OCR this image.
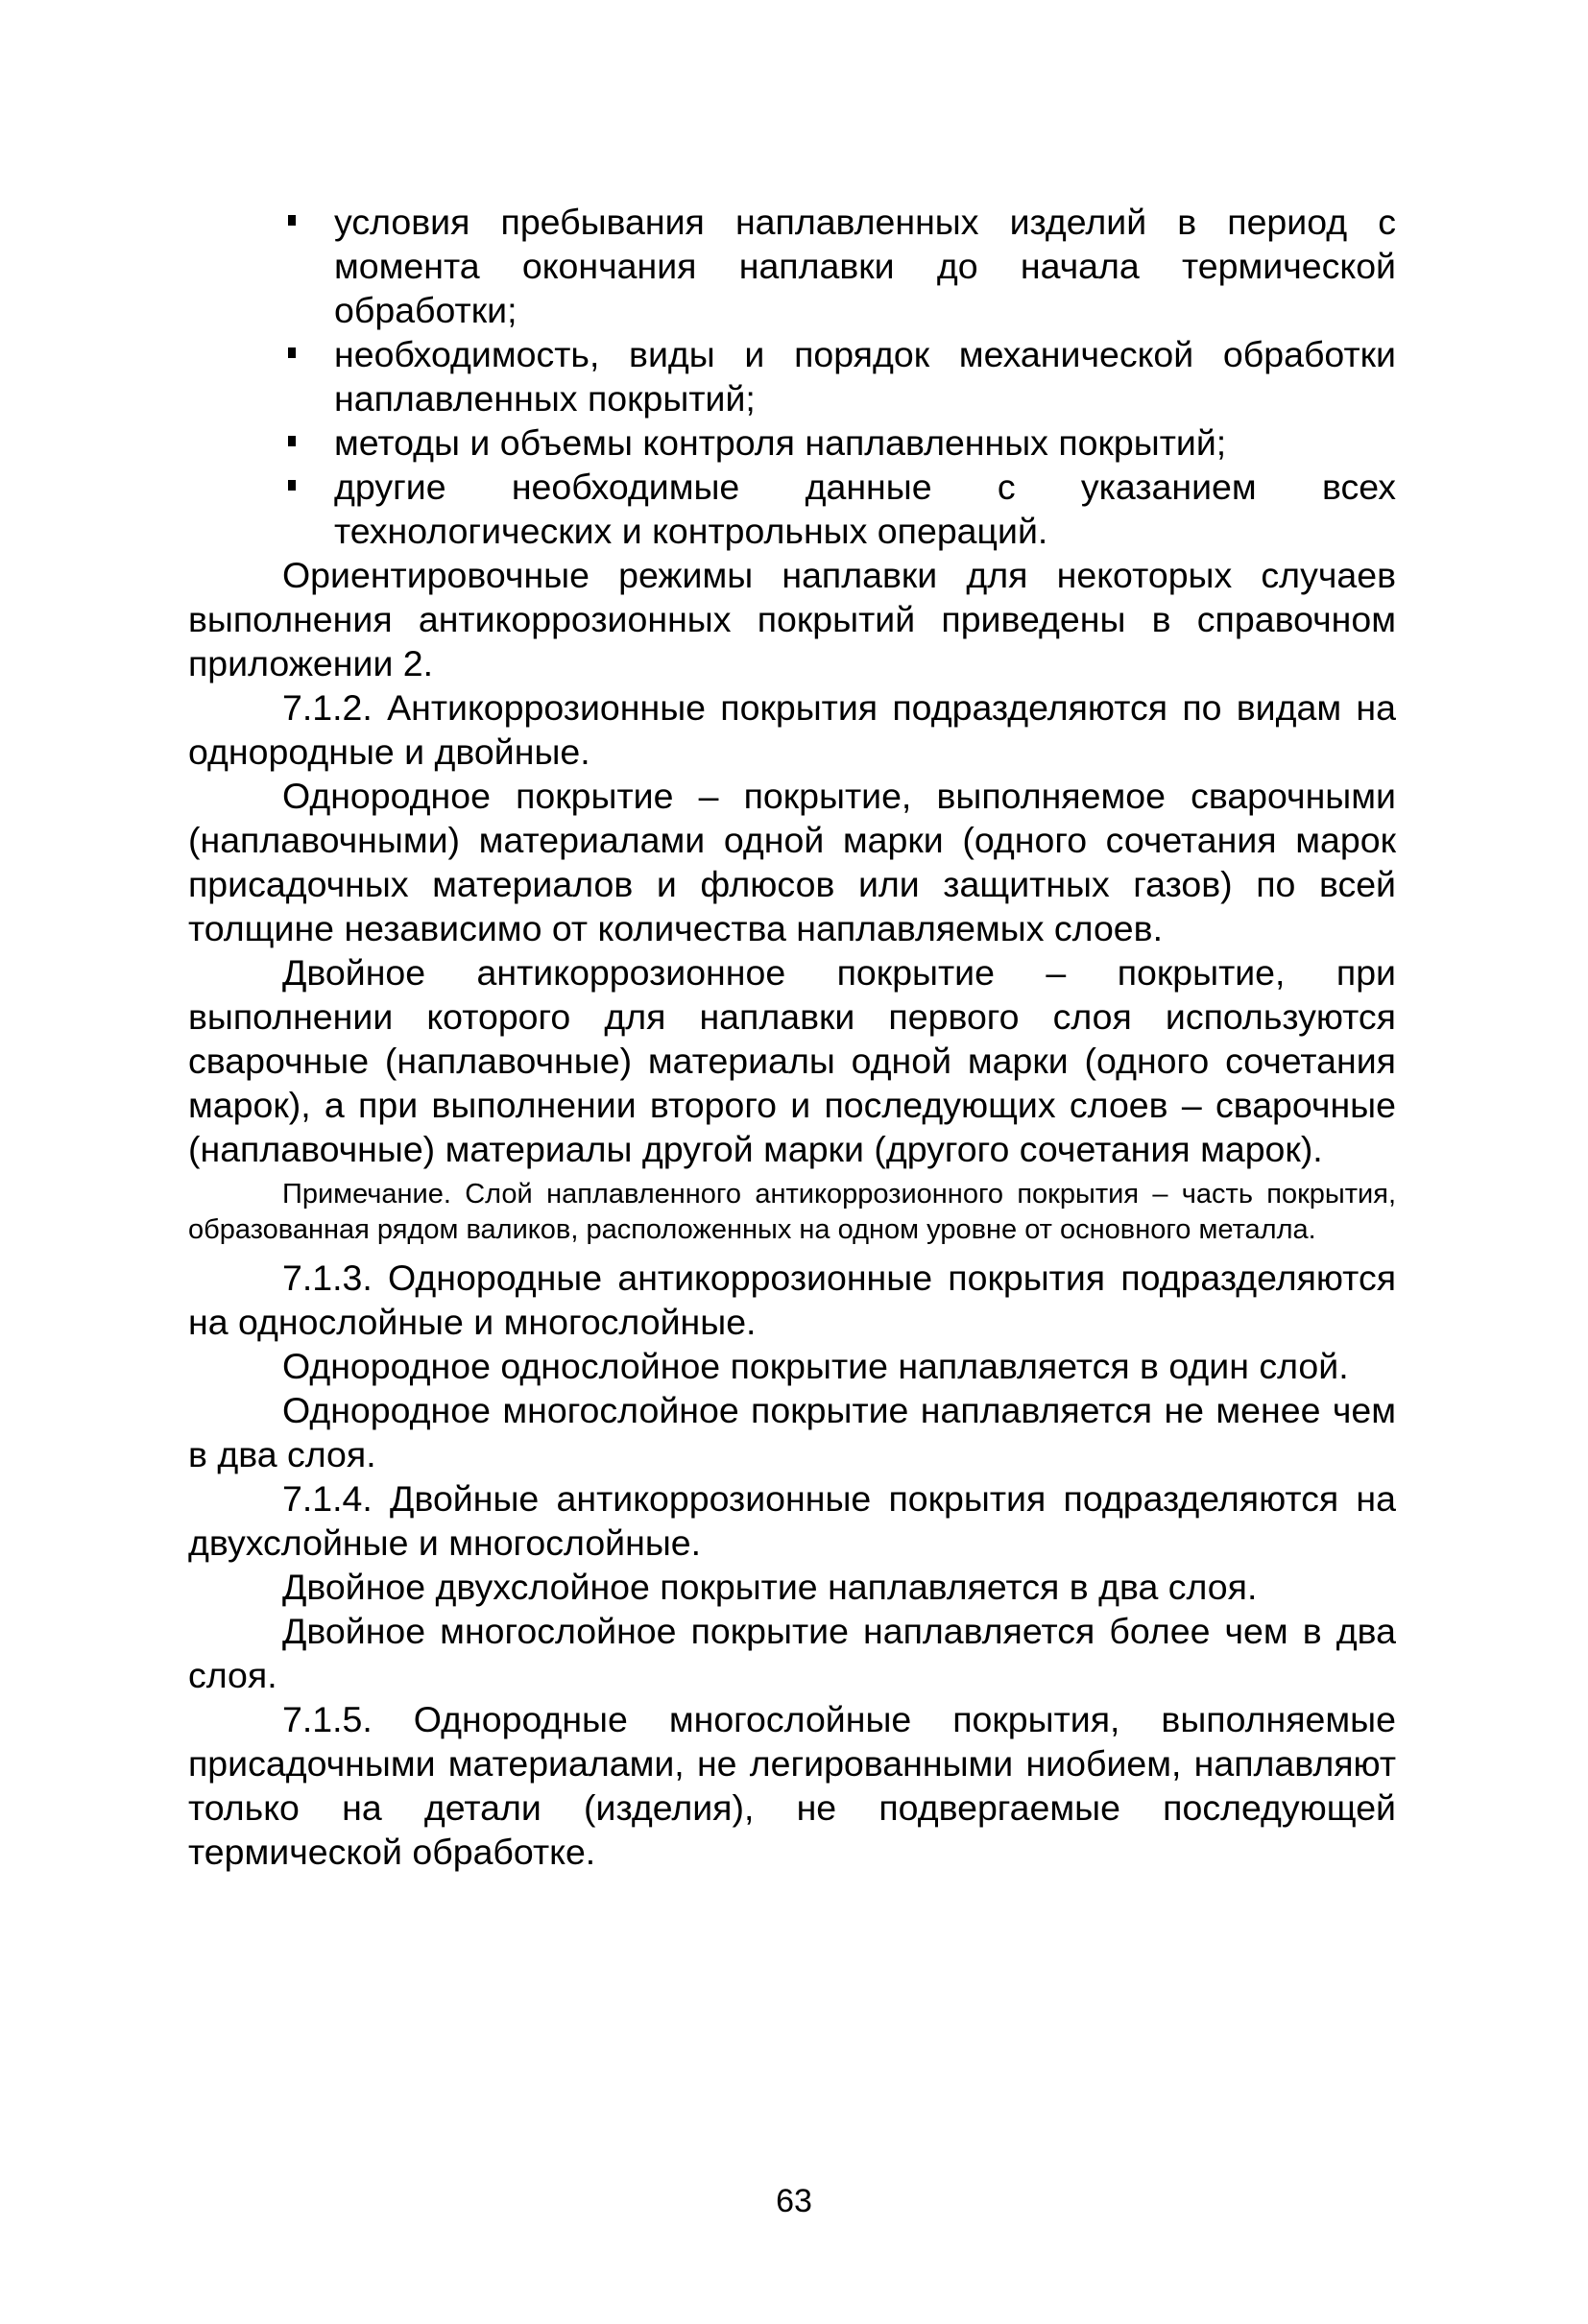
условия пребывания наплавленных изделий в период с момента окончания наплавки до начала термической обработки;
необходимость, виды и порядок механической обработки наплавленных покрытий;
методы и объемы контроля наплавленных покрытий;
другие необходимые данные с указанием всех технологических и контрольных операций.

Ориентировочные режимы наплавки для некоторых случаев выполнения антикоррозионных покрытий приведены в справочном приложении 2.

7.1.2. Антикоррозионные покрытия подразделяются по видам на однородные и двойные.

Однородное покрытие – покрытие, выполняемое сварочными (наплавочными) материалами одной марки (одного сочетания марок присадочных материалов и флюсов или защитных газов) по всей толщине независимо от количества наплавляемых слоев.

Двойное антикоррозионное покрытие – покрытие, при выполнении которого для наплавки первого слоя используются сварочные (наплавочные) материалы одной марки (одного сочетания марок), а при выполнении второго и последующих слоев – сварочные (наплавочные) материалы другой марки (другого сочетания марок).

Примечание. Слой наплавленного антикоррозионного покрытия – часть покрытия, образованная рядом валиков, расположенных на одном уровне от основного металла.

7.1.3. Однородные антикоррозионные покрытия подразделяются на однослойные и многослойные.

Однородное однослойное покрытие наплавляется в один слой.

Однородное многослойное покрытие наплавляется не менее чем в два слоя.

7.1.4. Двойные антикоррозионные покрытия подразделяются на двухслойные и многослойные.

Двойное двухслойное покрытие наплавляется в два слоя.

Двойное многослойное покрытие наплавляется более чем в два слоя.

7.1.5. Однородные многослойные покрытия, выполняемые присадочными материалами, не легированными ниобием, наплавляют только на детали (изделия), не подвергаемые последующей термической обработке.

63
